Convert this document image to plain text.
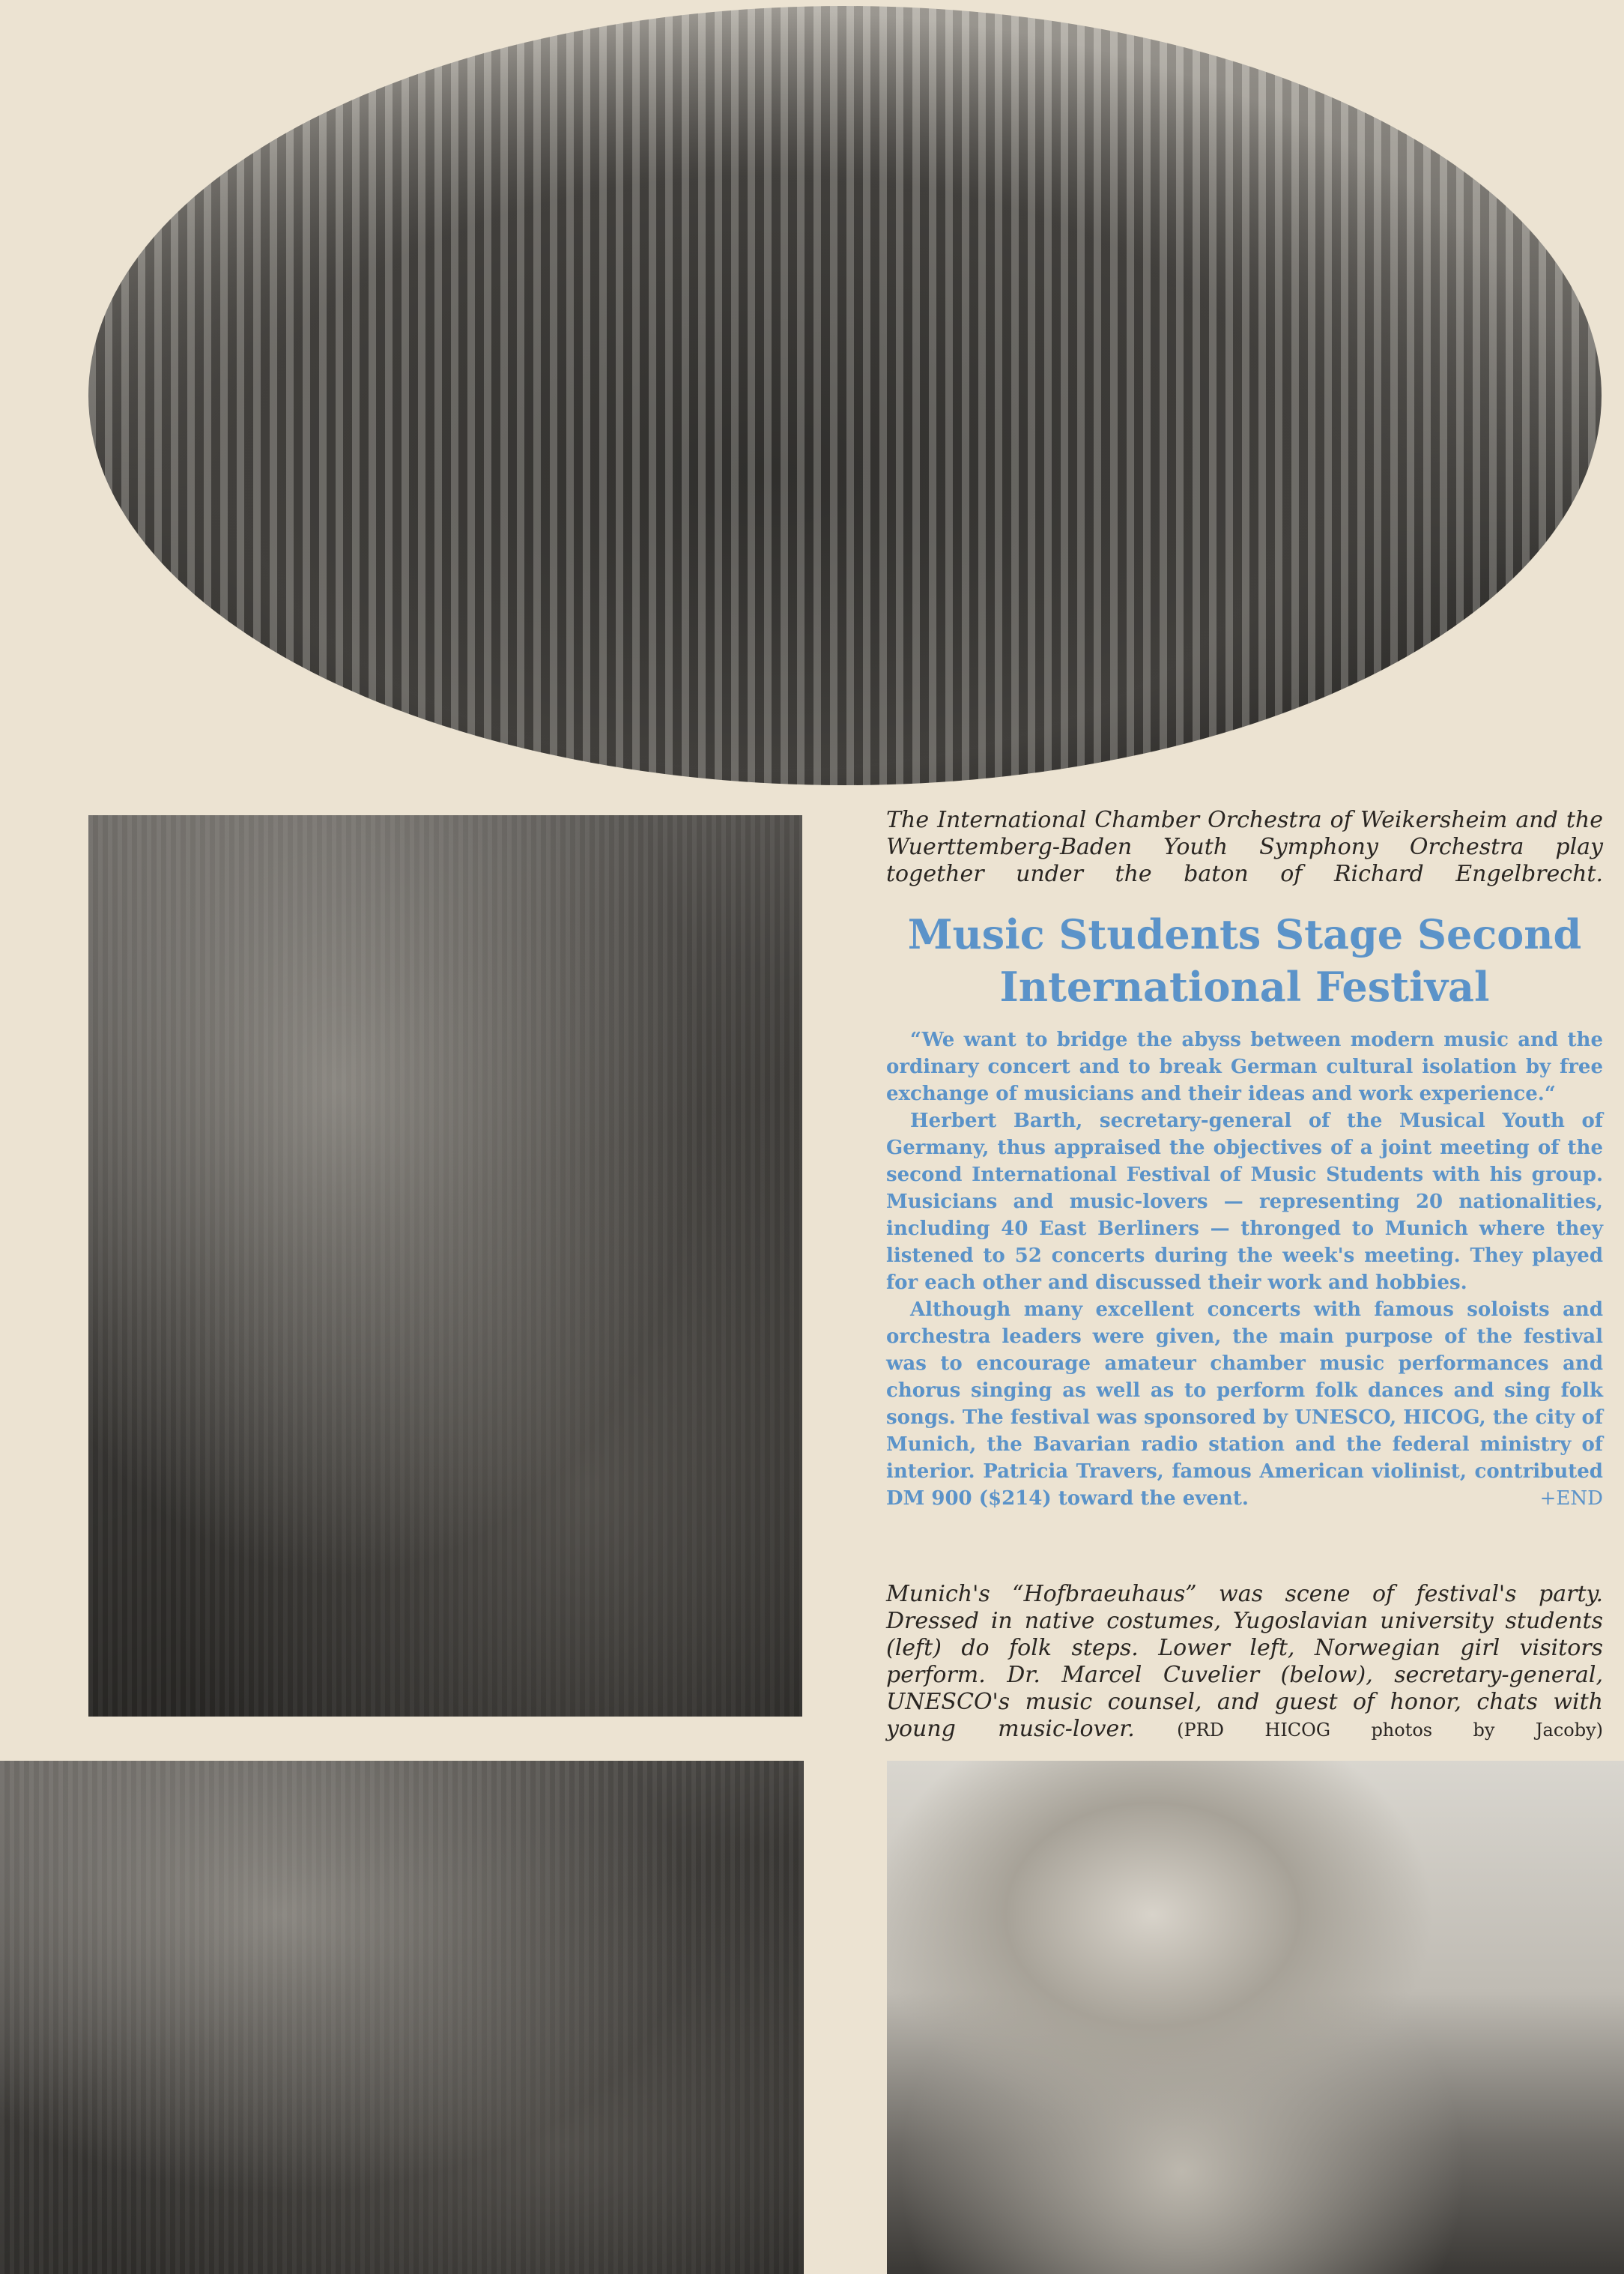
The International Chamber Orchestra of Weikersheim and the Wuerttemberg-Baden Youth Symphony Orchestra play together under the baton of Richard Engelbrecht.

Music Students Stage Second
International Festival

“We want to bridge the abyss between modern music and the ordinary concert and to break German cultural isolation by free exchange of musicians and their ideas and work experience.“

Herbert Barth, secretary-general of the Musical Youth of Germany, thus appraised the objectives of a joint meeting of the second International Festival of Music Students with his group. Musicians and music-lovers — representing 20 nationalities, including 40 East Berliners — thronged to Munich where they listened to 52 concerts during the week's meeting. They played for each other and discussed their work and hobbies.

Although many excellent concerts with famous soloists and orchestra leaders were given, the main purpose of the festival was to encourage amateur chamber music performances and chorus singing as well as to perform folk dances and sing folk songs. The festival was sponsored by UNESCO, HICOG, the city of Munich, the Bavarian radio station and the federal ministry of interior. Patricia Travers, famous American violinist, contributed DM 900 ($214) toward the event.	+END

Munich's “Hofbraeuhaus” was scene of festival's party. Dressed in native costumes, Yugoslavian university students (left) do folk steps. Lower left, Norwegian girl visitors perform. Dr. Marcel Cuvelier (below), secretary-general, UNESCO's music counsel, and guest of honor, chats with young music-lover. (PRD HICOG photos by Jacoby)
